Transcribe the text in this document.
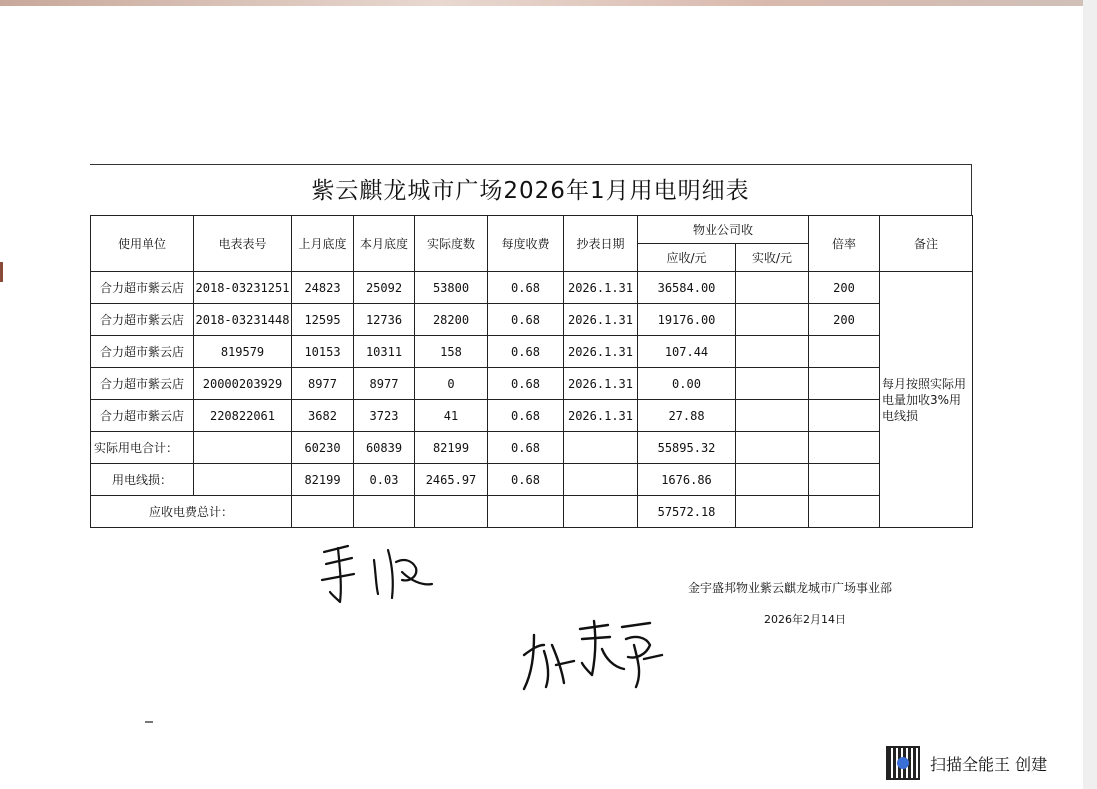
紫云麒龙城市广场2026年1月用电明细表
使用单位	电表表号	上月底度	本月底度	实际度数	每度收费	抄表日期	物业公司收		倍率	备注
							应收/元	实收/元		
合力超市紫云店	2018-03231251	24823	25092	53800	0.68	2026.1.31	36584.00		200	每月按照实际用电量加收3%用电线损
合力超市紫云店	2018-03231448	12595	12736	28200	0.68	2026.1.31	19176.00		200	
合力超市紫云店	819579	10153	10311	158	0.68	2026.1.31	107.44			
合力超市紫云店	20000203929	8977	8977	0	0.68	2026.1.31	0.00			
合力超市紫云店	220822061	3682	3723	41	0.68	2026.1.31	27.88			
实际用电合计：		60230	60839	82199	0.68		55895.32			
用电线损：		82199	0.03	2465.97	0.68		1676.86			
应收电费总计：							57572.18			
金宇盛邦物业紫云麒龙城市广场事业部
2026年2月14日
扫描全能王 创建
